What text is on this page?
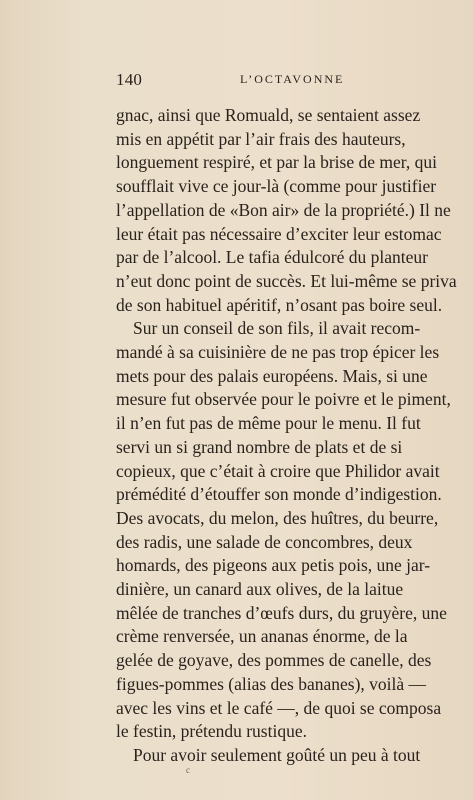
140	L’OCTAVONNE
gnac, ainsi que Romuald, se sentaient assez
mis en appétit par l’air frais des hauteurs,
longuement respiré, et par la brise de mer, qui
soufflait vive ce jour-là (comme pour justifier
l’appellation de «Bon air» de la propriété.) Il ne
leur était pas nécessaire d’exciter leur estomac
par de l’alcool. Le tafia édulcoré du planteur
n’eut donc point de succès. Et lui-même se priva
de son habituel apéritif, n’osant pas boire seul.
Sur un conseil de son fils, il avait recom-
mandé à sa cuisinière de ne pas trop épicer les
mets pour des palais européens. Mais, si une
mesure fut observée pour le poivre et le piment,
il n’en fut pas de même pour le menu. Il fut
servi un si grand nombre de plats et de si
copieux, que c’était à croire que Philidor avait
prémédité d’étouffer son monde d’indigestion.
Des avocats, du melon, des huîtres, du beurre,
des radis, une salade de concombres, deux
homards, des pigeons aux petis pois, une jar-
dinière, un canard aux olives, de la laitue
mêlée de tranches d’œufs durs, du gruyère, une
crème renversée, un ananas énorme, de la
gelée de goyave, des pommes de canelle, des
figues-pommes (alias des bananes), voilà —
avec les vins et le café —, de quoi se composa
le festin, prétendu rustique.
Pour avoir seulement goûté un peu à tout
c
